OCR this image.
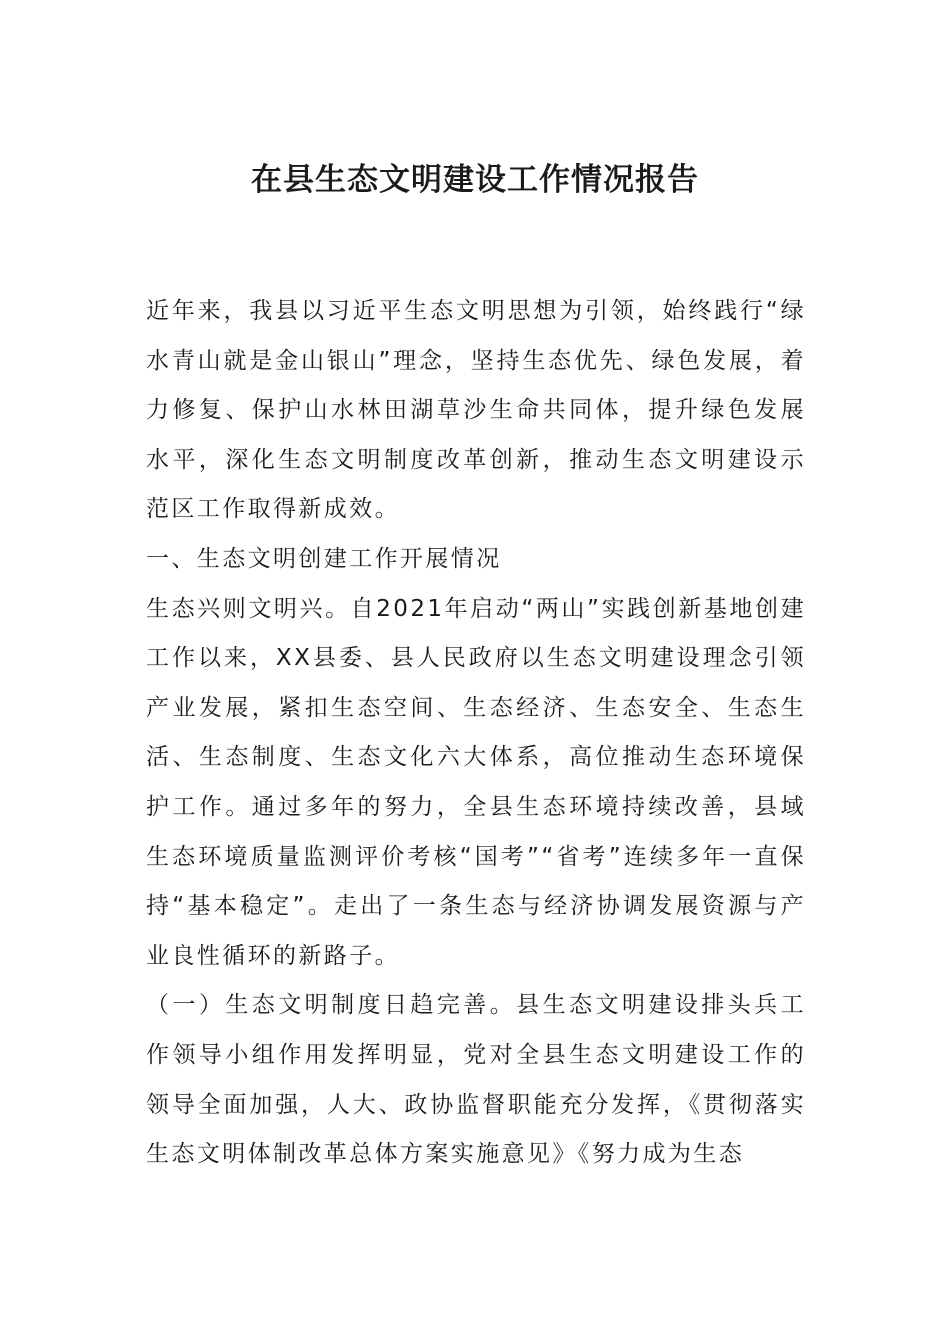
在县生态文明建设工作情况报告

近年来，我县以习近平生态文明思想为引领，始终践行“绿水青山就是金山银山”理念，坚持生态优先、绿色发展，着力修复、保护山水林田湖草沙生命共同体，提升绿色发展水平，深化生态文明制度改革创新，推动生态文明建设示范区工作取得新成效。

一、生态文明创建工作开展情况

生态兴则文明兴。自2021年启动“两山”实践创新基地创建工作以来，XX县委、县人民政府以生态文明建设理念引领产业发展，紧扣生态空间、生态经济、生态安全、生态生活、生态制度、生态文化六大体系，高位推动生态环境保护工作。通过多年的努力，全县生态环境持续改善，县域生态环境质量监测评价考核“国考”“省考”连续多年一直保持“基本稳定”。走出了一条生态与经济协调发展资源与产业良性循环的新路子。

（一）生态文明制度日趋完善。县生态文明建设排头兵工作领导小组作用发挥明显，党对全县生态文明建设工作的领导全面加强，人大、政协监督职能充分发挥，《贯彻落实生态文明体制改革总体方案实施意见》《努力成为生态
